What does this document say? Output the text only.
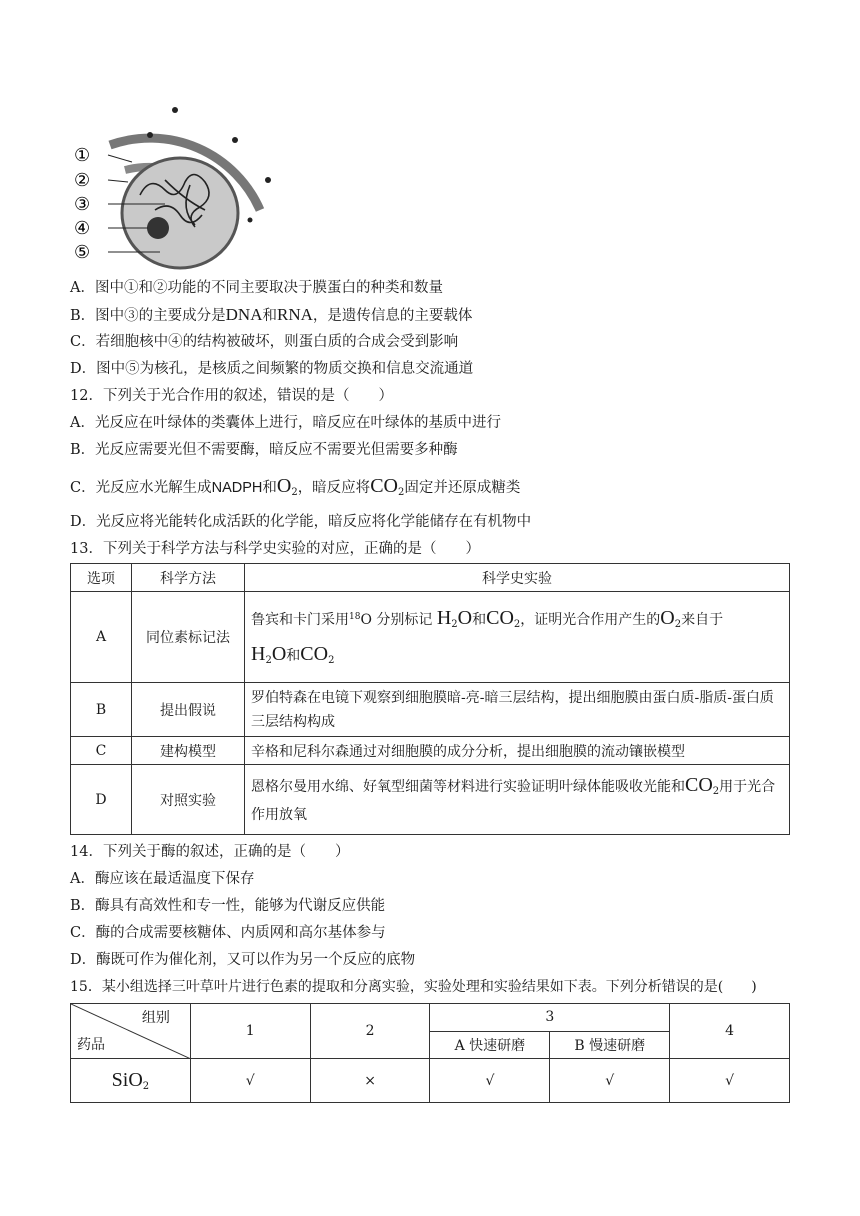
①
②
③
④
⑤
A．图中①和②功能的不同主要取决于膜蛋白的种类和数量
B．图中③的主要成分是DNA和RNA，是遗传信息的主要载体
C．若细胞核中④的结构被破坏，则蛋白质的合成会受到影响
D．图中⑤为核孔，是核质之间频繁的物质交换和信息交流通道
12．下列关于光合作用的叙述，错误的是（　　）
A．光反应在叶绿体的类囊体上进行，暗反应在叶绿体的基质中进行
B．光反应需要光但不需要酶，暗反应不需要光但需要多种酶
C．光反应水光解生成NADPH和$O_2$，暗反应将$CO_2$固定并还原成糖类
D．光反应将光能转化成活跃的化学能，暗反应将化学能储存在有机物中
13．下列关于科学方法与科学史实验的对应，正确的是（　　）
选项	科学方法	科学史实验
A	同位素标记法	鲁宾和卡门采用$^{18}$O 分别标记 $H_2O$和$CO_2$，证明光合作用产生的$O_2$来自于
$H_2O$和$CO_2$
B	提出假说	罗伯特森在电镜下观察到细胞膜暗-亮-暗三层结构，提出细胞膜由蛋白质-脂质-蛋白质三层结构构成
C	建构模型	辛格和尼科尔森通过对细胞膜的成分分析，提出细胞膜的流动镶嵌模型
D	对照实验	恩格尔曼用水绵、好氧型细菌等材料进行实验证明叶绿体能吸收光能和$CO_2$用于光合作用放氧
14．下列关于酶的叙述，正确的是（　　）
A．酶应该在最适温度下保存
B．酶具有高效性和专一性，能够为代谢反应供能
C．酶的合成需要核糖体、内质网和高尔基体参与
D．酶既可作为催化剂，又可以作为另一个反应的底物
15．某小组选择三叶草叶片进行色素的提取和分离实验，实验处理和实验结果如下表。下列分析错误的是(　　)
组别
药品	1	2	3		4
			A 快速研磨	B 慢速研磨	
SiO$_2$	√	×	√	√	√
